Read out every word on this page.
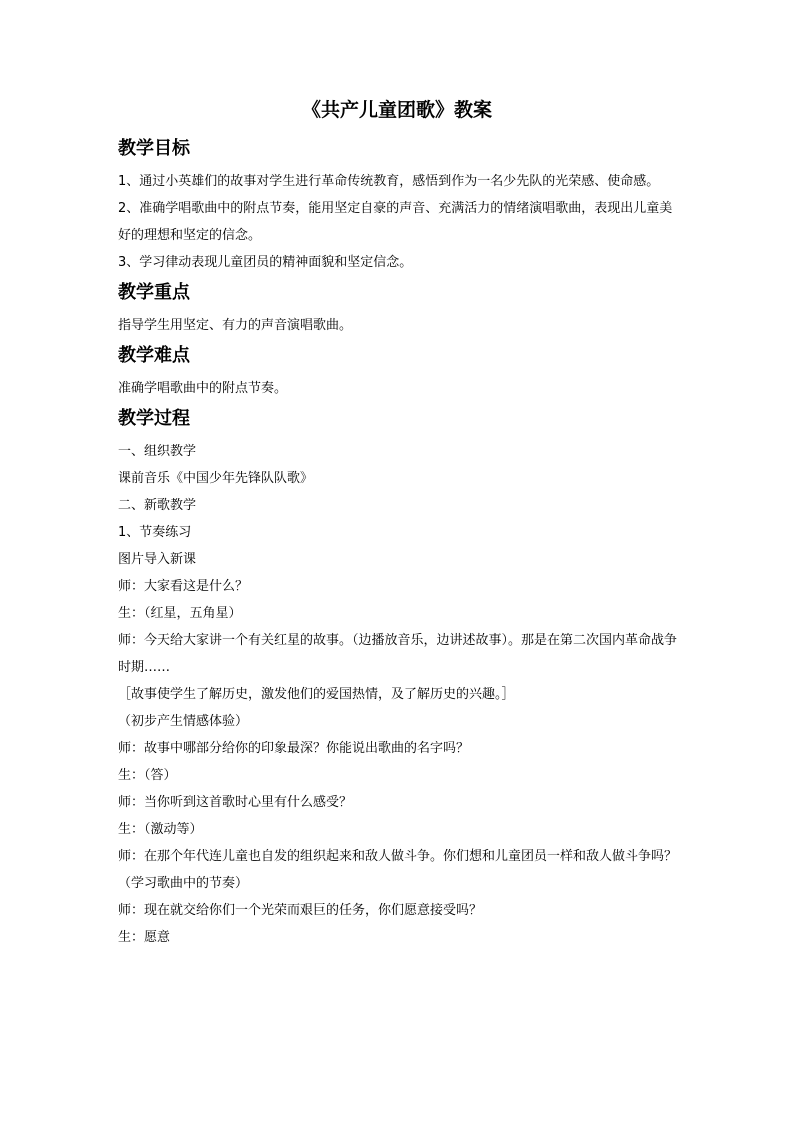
《共产儿童团歌》教案
教学目标

1、通过小英雄们的故事对学生进行革命传统教育，感悟到作为一名少先队的光荣感、使命感。

2、准确学唱歌曲中的附点节奏，能用坚定自豪的声音、充满活力的情绪演唱歌曲，表现出儿童美好的理想和坚定的信念。

3、学习律动表现儿童团员的精神面貌和坚定信念。

教学重点

指导学生用坚定、有力的声音演唱歌曲。

教学难点

准确学唱歌曲中的附点节奏。

教学过程

一、组织教学

课前音乐《中国少年先锋队队歌》

二、新歌教学

1、节奏练习

图片导入新课

师：大家看这是什么？

生：（红星，五角星）

师：今天给大家讲一个有关红星的故事。（边播放音乐，边讲述故事）。那是在第二次国内革命战争时期……

［故事使学生了解历史，激发他们的爱国热情，及了解历史的兴趣。］

（初步产生情感体验）

师：故事中哪部分给你的印象最深？你能说出歌曲的名字吗？

生：（答）

师：当你听到这首歌时心里有什么感受？

生：（激动等）

师：在那个年代连儿童也自发的组织起来和敌人做斗争。你们想和儿童团员一样和敌人做斗争吗？

（学习歌曲中的节奏）

师：现在就交给你们一个光荣而艰巨的任务，你们愿意接受吗？

生：愿意
